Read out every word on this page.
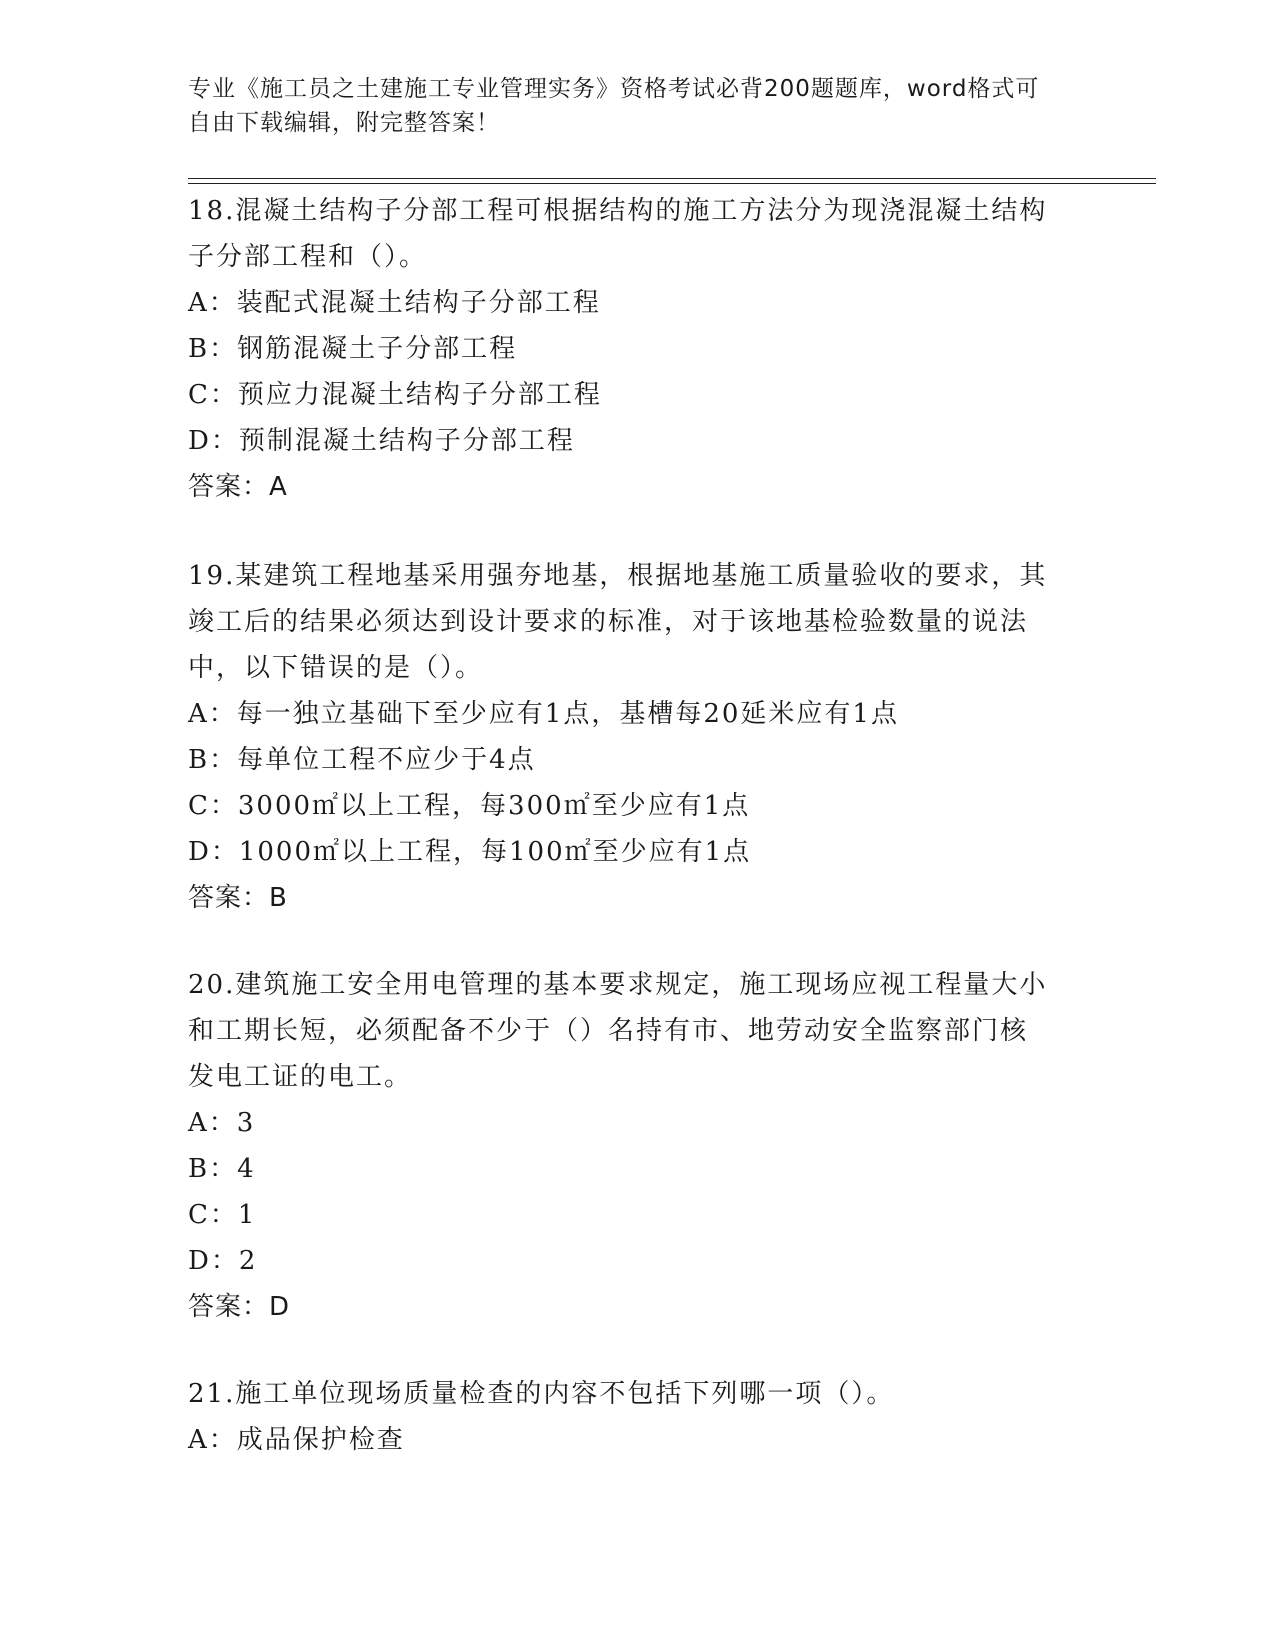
专业《施工员之土建施工专业管理实务》资格考试必背200题题库，word格式可
自由下载编辑，附完整答案！

18.混凝土结构子分部工程可根据结构的施工方法分为现浇混凝土结构

子分部工程和（）。

A：装配式混凝土结构子分部工程

B：钢筋混凝土子分部工程

C：预应力混凝土结构子分部工程

D：预制混凝土结构子分部工程

答案：A

19.某建筑工程地基采用强夯地基，根据地基施工质量验收的要求，其

竣工后的结果必须达到设计要求的标准，对于该地基检验数量的说法

中，以下错误的是（）。

A：每一独立基础下至少应有1点，基槽每20延米应有1点

B：每单位工程不应少于4点

C：3000㎡以上工程，每300㎡至少应有1点

D：1000㎡以上工程，每100㎡至少应有1点

答案：B

20.建筑施工安全用电管理的基本要求规定，施工现场应视工程量大小

和工期长短，必须配备不少于（）名持有市、地劳动安全监察部门核

发电工证的电工。

A：3

B：4

C：1

D：2

答案：D

21.施工单位现场质量检查的内容不包括下列哪一项（）。

A：成品保护检查
